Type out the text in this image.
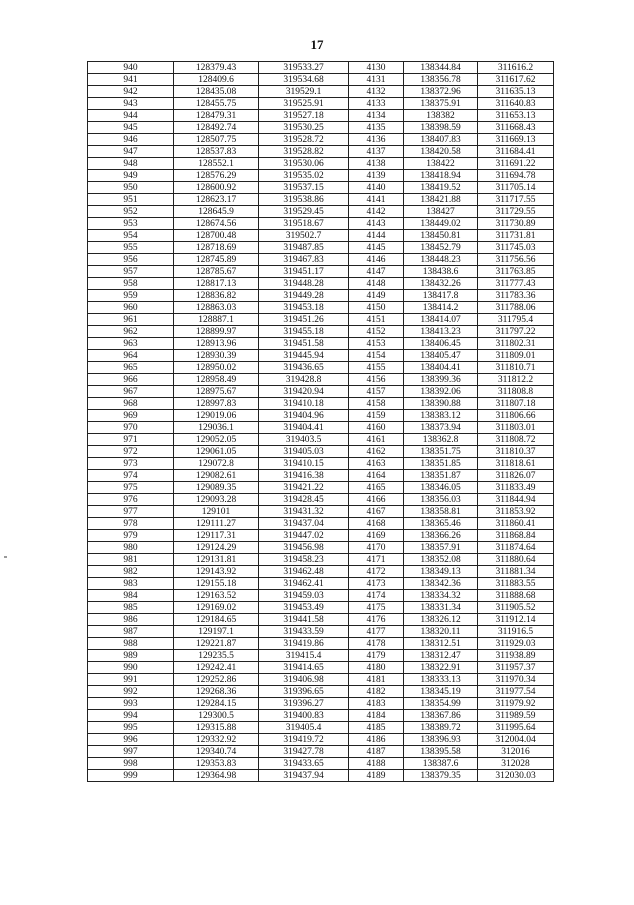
17
940	128379.43	319533.27	4130	138344.84	311616.2
941	128409.6	319534.68	4131	138356.78	311617.62
942	128435.08	319529.1	4132	138372.96	311635.13
943	128455.75	319525.91	4133	138375.91	311640.83
944	128479.31	319527.18	4134	138382	311653.13
945	128492.74	319530.25	4135	138398.59	311668.43
946	128507.75	319528.72	4136	138407.83	311669.13
947	128537.83	319528.82	4137	138420.58	311684.41
948	128552.1	319530.06	4138	138422	311691.22
949	128576.29	319535.02	4139	138418.94	311694.78
950	128600.92	319537.15	4140	138419.52	311705.14
951	128623.17	319538.86	4141	138421.88	311717.55
952	128645.9	319529.45	4142	138427	311729.55
953	128674.56	319518.67	4143	138449.02	311730.89
954	128700.48	319502.7	4144	138450.81	311731.81
955	128718.69	319487.85	4145	138452.79	311745.03
956	128745.89	319467.83	4146	138448.23	311756.56
957	128785.67	319451.17	4147	138438.6	311763.85
958	128817.13	319448.28	4148	138432.26	311777.43
959	128836.82	319449.28	4149	138417.8	311783.36
960	128863.03	319453.18	4150	138414.2	311788.06
961	128887.1	319451.26	4151	138414.07	311795.4
962	128899.97	319455.18	4152	138413.23	311797.22
963	128913.96	319451.58	4153	138406.45	311802.31
964	128930.39	319445.94	4154	138405.47	311809.01
965	128950.02	319436.65	4155	138404.41	311810.71
966	128958.49	319428.8	4156	138399.36	311812.2
967	128975.67	319420.94	4157	138392.06	311808.8
968	128997.83	319410.18	4158	138390.88	311807.18
969	129019.06	319404.96	4159	138383.12	311806.66
970	129036.1	319404.41	4160	138373.94	311803.01
971	129052.05	319403.5	4161	138362.8	311808.72
972	129061.05	319405.03	4162	138351.75	311810.37
973	129072.8	319410.15	4163	138351.85	311818.61
974	129082.61	319416.38	4164	138351.87	311826.07
975	129089.35	319421.22	4165	138346.05	311833.49
976	129093.28	319428.45	4166	138356.03	311844.94
977	129101	319431.32	4167	138358.81	311853.92
978	129111.27	319437.04	4168	138365.46	311860.41
979	129117.31	319447.02	4169	138366.26	311868.84
980	129124.29	319456.98	4170	138357.91	311874.64
981	129131.81	319458.23	4171	138352.08	311880.64
982	129143.92	319462.48	4172	138349.13	311881.34
983	129155.18	319462.41	4173	138342.36	311883.55
984	129163.52	319459.03	4174	138334.32	311888.68
985	129169.02	319453.49	4175	138331.34	311905.52
986	129184.65	319441.58	4176	138326.12	311912.14
987	129197.1	319433.59	4177	138320.11	311916.5
988	129221.87	319419.86	4178	138312.51	311929.03
989	129235.5	319415.4	4179	138312.47	311938.89
990	129242.41	319414.65	4180	138322.91	311957.37
991	129252.86	319406.98	4181	138333.13	311970.34
992	129268.36	319396.65	4182	138345.19	311977.54
993	129284.15	319396.27	4183	138354.99	311979.92
994	129300.5	319400.83	4184	138367.86	311989.59
995	129315.88	319405.4	4185	138389.72	311995.64
996	129332.92	319419.72	4186	138396.93	312004.04
997	129340.74	319427.78	4187	138395.58	312016
998	129353.83	319433.65	4188	138387.6	312028
999	129364.98	319437.94	4189	138379.35	312030.03
